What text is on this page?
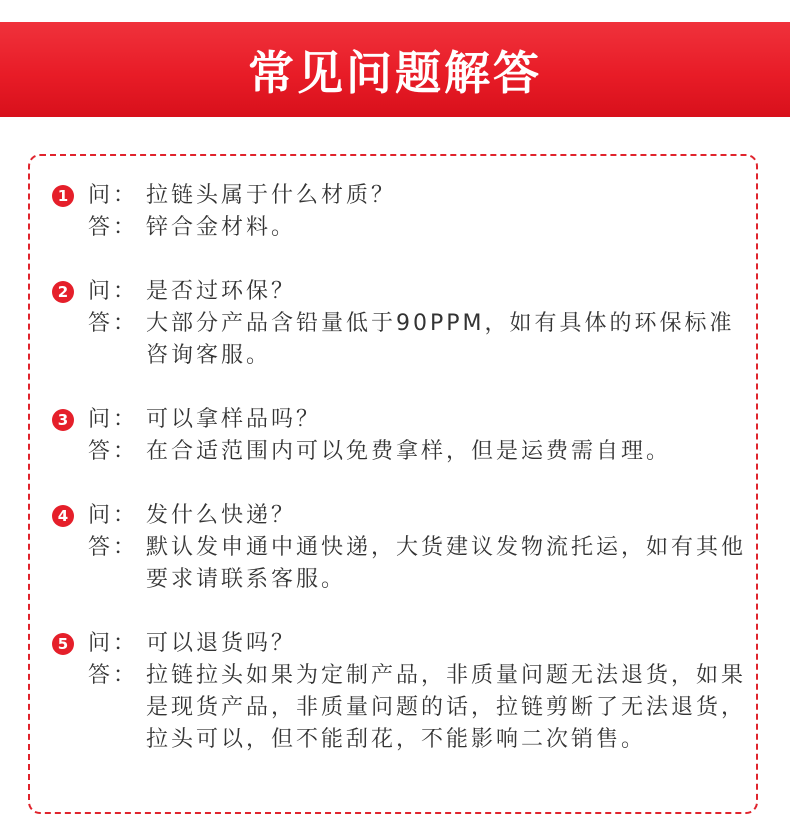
常见问题解答
1 问： 拉链头属于什么材质？
答： 锌合金材料。
2 问： 是否过环保？
答： 大部分产品含铅量低于90PPM，如有具体的环保标准咨询客服。
3 问： 可以拿样品吗？
答： 在合适范围内可以免费拿样，但是运费需自理。
4 问： 发什么快递？
答： 默认发申通中通快递，大货建议发物流托运，如有其他要求请联系客服。
5 问： 可以退货吗？
答： 拉链拉头如果为定制产品，非质量问题无法退货，如果是现货产品，非质量问题的话，拉链剪断了无法退货，拉头可以，但不能刮花，不能影响二次销售。
